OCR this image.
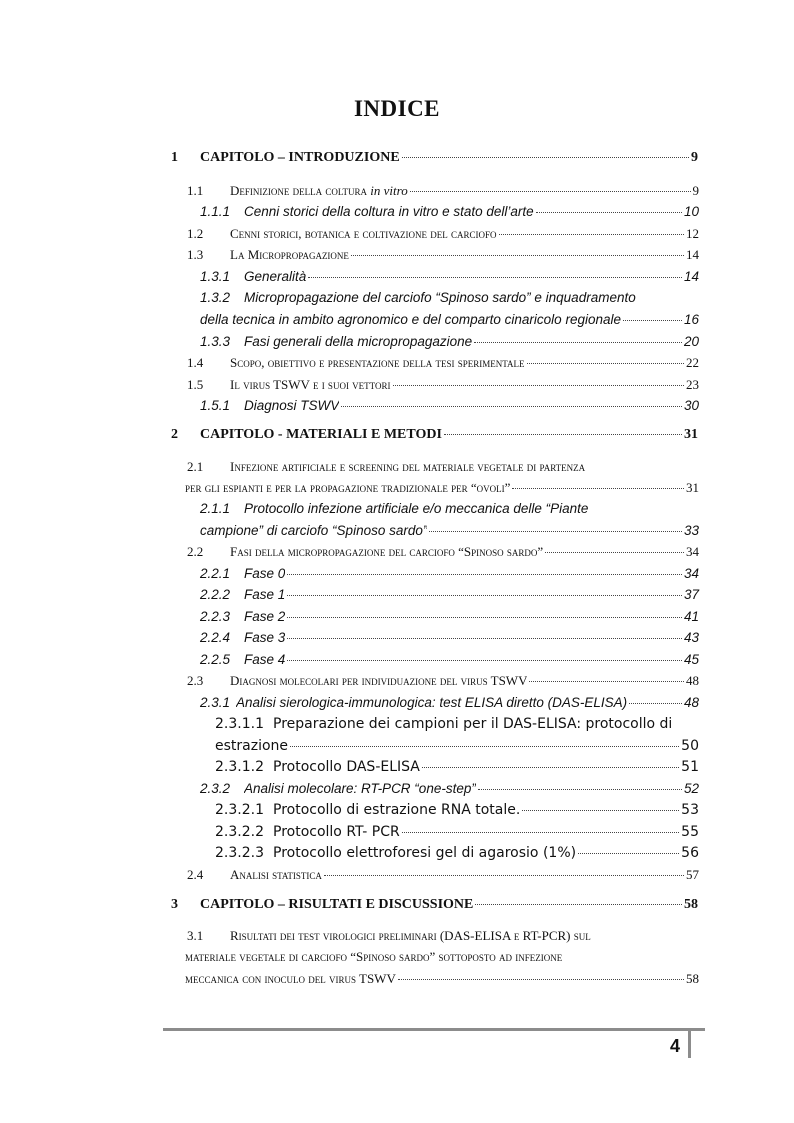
INDICE
1	CAPITOLO – INTRODUZIONE	9
1.1	Definizione della coltura in vitro	9
1.1.1	Cenni storici della coltura in vitro e stato dell’arte	10
1.2	Cenni storici, botanica e coltivazione del carciofo	12
1.3	La Micropropagazione	14
1.3.1	Generalità	14
1.3.2 Micropropagazione del carciofo “Spinoso sardo” e inquadramento
della tecnica in ambito agronomico e del comparto cinaricolo regionale	16
1.3.3	Fasi generali della micropropagazione	20
1.4	Scopo, obiettivo e presentazione della tesi sperimentale	22
1.5	Il virus TSWV e i suoi vettori	23
1.5.1	Diagnosi TSWV	30
2	CAPITOLO - MATERIALI E METODI	31
2.1 Infezione artificiale e screening del materiale vegetale di partenza
per gli espianti e per la propagazione tradizionale per “ovoli”	31
2.1.1 Protocollo infezione artificiale e/o meccanica delle “Piante
campione” di carciofo “Spinoso sardo”	33
2.2	Fasi della micropropagazione del carciofo “Spinoso sardo”	34
2.2.1	Fase 0	34
2.2.2	Fase 1	37
2.2.3	Fase 2	41
2.2.4	Fase 3	43
2.2.5	Fase 4	45
2.3	Diagnosi molecolari per individuazione del virus TSWV	48
2.3.1 Analisi sierologica-immunologica: test ELISA diretto (DAS-ELISA)	48
2.3.1.1 Preparazione dei campioni per il DAS-ELISA: protocollo di
estrazione	50
2.3.1.2 Protocollo DAS-ELISA	51
2.3.2	Analisi molecolare: RT-PCR “one-step”	52
2.3.2.1 Protocollo di estrazione RNA totale.	53
2.3.2.2 Protocollo RT- PCR	55
2.3.2.3 Protocollo elettroforesi gel di agarosio (1%)	56
2.4	Analisi statistica	57
3	CAPITOLO – RISULTATI E DISCUSSIONE	58
3.1 Risultati dei test virologici preliminari (DAS-ELISA e RT-PCR) sul
materiale vegetale di carciofo “Spinoso sardo” sottoposto ad infezione
meccanica con inoculo del virus TSWV	58
4
